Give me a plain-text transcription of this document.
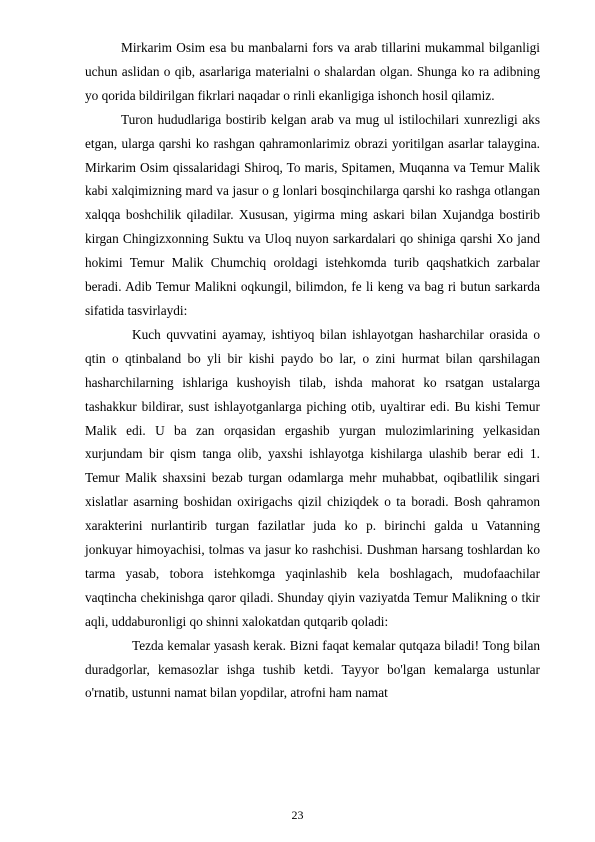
Mirkarim Osim esa bu manbalarni fors va arab tillarini mukammal bilganligi uchun aslidan o qib, asarlariga materialni o shalardan olgan. Shunga ko ra adibning yo qorida bildirilgan fikrlari naqadar o rinli ekanligiga ishonch hosil qilamiz.

Turon hududlariga bostirib kelgan arab va mug ul istilochilari xunrezligi aks etgan, ularga qarshi ko rashgan qahramonlarimiz obrazi yoritilgan asarlar talaygina. Mirkarim Osim qissalaridagi Shiroq, To maris, Spitamen, Muqanna va Temur Malik kabi xalqimizning mard va jasur o g lonlari bosqinchilarga qarshi ko rashga otlangan xalqqa boshchilik qiladilar. Xususan, yigirma ming askari bilan Xujandga bostirib kirgan Chingizxonning Suktu va Uloq nuyon sarkardalari qo shiniga qarshi Xo jand hokimi Temur Malik Chumchiq oroldagi istehkomda turib qaqshatkich zarbalar beradi. Adib Temur Malikni oqkungil, bilimdon, fe li keng va bag ri butun sarkarda sifatida tasvirlaydi:

Kuch quvvatini ayamay, ishtiyoq bilan ishlayotgan hasharchilar orasida o qtin o qtinbaland bo yli bir kishi paydo bo lar, o zini hurmat bilan qarshilagan hasharchilarning ishlariga kushoyish tilab, ishda mahorat ko rsatgan ustalarga tashakkur bildirar, sust ishlayotganlarga piching otib, uyaltirar edi. Bu kishi Temur Malik edi. U ba zan orqasidan ergashib yurgan mulozimlarining yelkasidan xurjundam bir qism tanga olib, yaxshi ishlayotga kishilarga ulashib berar edi 1. Temur Malik shaxsini bezab turgan odamlarga mehr muhabbat, oqibatlilik singari xislatlar asarning boshidan oxirigachs qizil chiziqdek o ta boradi. Bosh qahramon xarakterini nurlantirib turgan fazilatlar juda ko p. birinchi galda u Vatanning jonkuyar himoyachisi, tolmas va jasur ko rashchisi. Dushman harsang toshlardan ko tarma yasab, tobora istehkomga yaqinlashib kela boshlagach, mudofaachilar vaqtincha chekinishga qaror qiladi. Shunday qiyin vaziyatda Temur Malikning o tkir aqli, uddaburonligi qo shinni xalokatdan qutqarib qoladi:

Tezda kemalar yasash kerak. Bizni faqat kemalar qutqaza biladi! Tong bilan duradgorlar, kemasozlar ishga tushib ketdi. Tayyor bo'lgan kemalarga ustunlar o'rnatib, ustunni namat bilan yopdilar, atrofni ham namat

23
